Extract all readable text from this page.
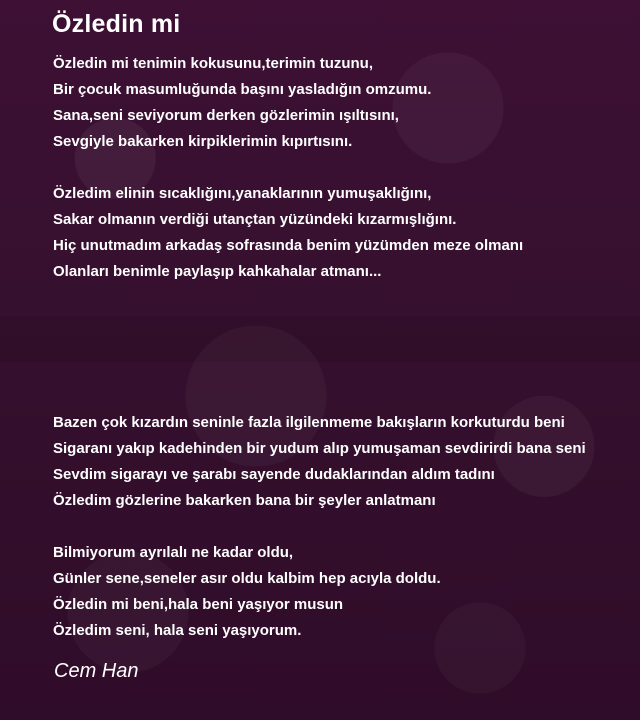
Özledin mi
Özledin mi tenimin kokusunu,terimin tuzunu,
Bir çocuk masumluğunda başını yasladığın omzumu.
Sana,seni seviyorum derken gözlerimin ışıltısını,
Sevgiyle bakarken kirpiklerimin kıpırtısını.
Özledim elinin sıcaklığını,yanaklarının yumuşaklığını,
Sakar olmanın verdiği utançtan yüzündeki kızarmışlığını.
Hiç unutmadım arkadaş sofrasında benim yüzümden meze olmanı
Olanları benimle paylaşıp kahkahalar atmanı...
Bazen çok kızardın seninle fazla ilgilenmeme bakışların korkuturdu beni
Sigaranı yakıp kadehinden bir yudum alıp yumuşaman sevdirirdi bana seni
Sevdim sigarayı ve şarabı sayende dudaklarından aldım tadını
Özledim gözlerine bakarken bana bir şeyler anlatmanı
Bilmiyorum ayrılalı ne kadar oldu,
Günler sene,seneler asır oldu kalbim hep acıyla doldu.
Özledin mi beni,hala beni yaşıyor musun
Özledim seni, hala seni yaşıyorum.

Cem Han
